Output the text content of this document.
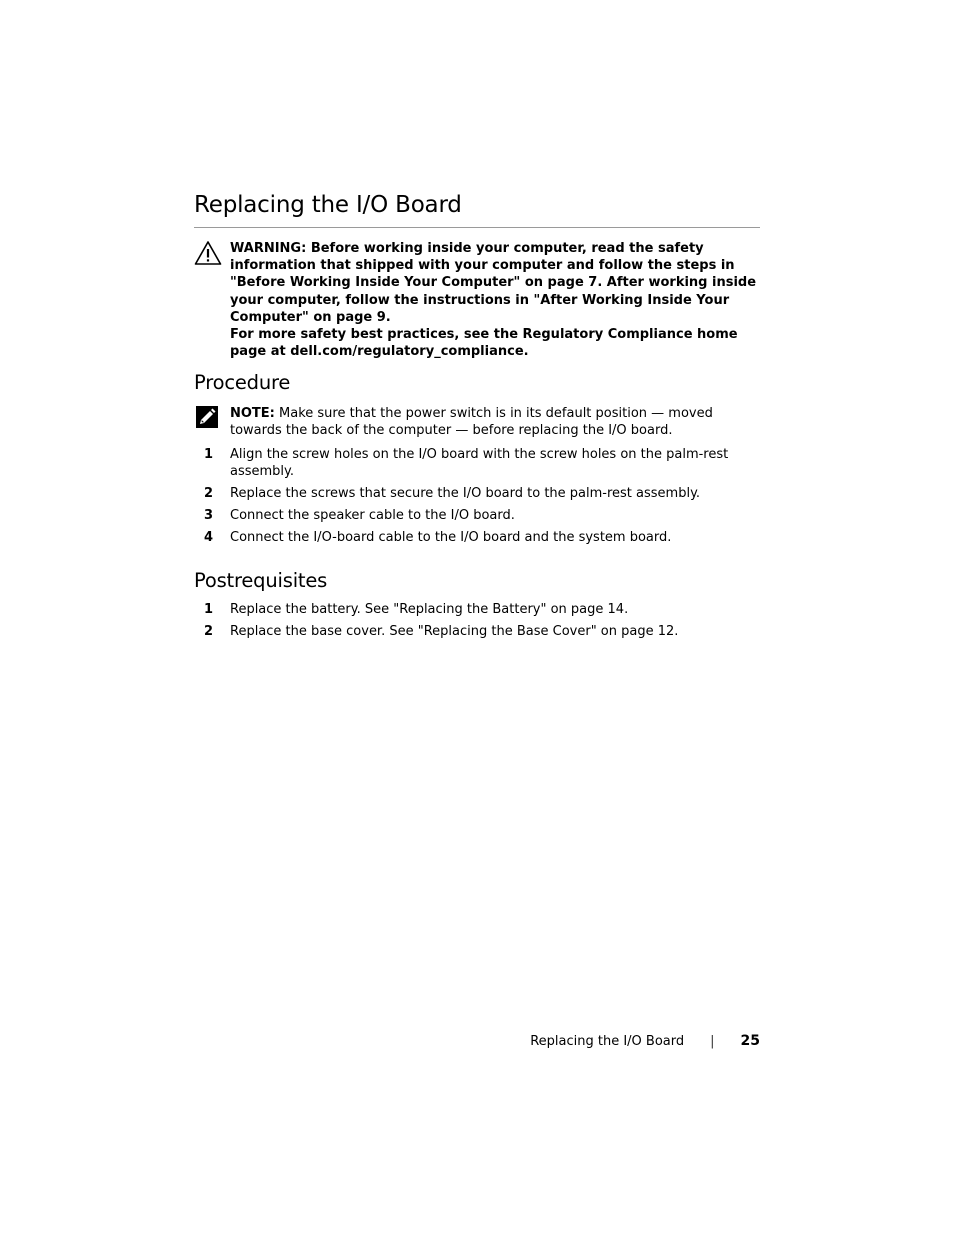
Replacing the I/O Board
WARNING: Before working inside your computer, read the safety information that shipped with your computer and follow the steps in "Before Working Inside Your Computer" on page 7. After working inside your computer, follow the instructions in "After Working Inside Your Computer" on page 9.
For more safety best practices, see the Regulatory Compliance home page at dell.com/regulatory_compliance.
Procedure
NOTE: Make sure that the power switch is in its default position — moved towards the back of the computer — before replacing the I/O board.
1 Align the screw holes on the I/O board with the screw holes on the palm-rest assembly.
2 Replace the screws that secure the I/O board to the palm-rest assembly.
3 Connect the speaker cable to the I/O board.
4 Connect the I/O-board cable to the I/O board and the system board.
Postrequisites
1 Replace the battery. See "Replacing the Battery" on page 14.
2 Replace the base cover. See "Replacing the Base Cover" on page 12.
Replacing the I/O Board | 25
